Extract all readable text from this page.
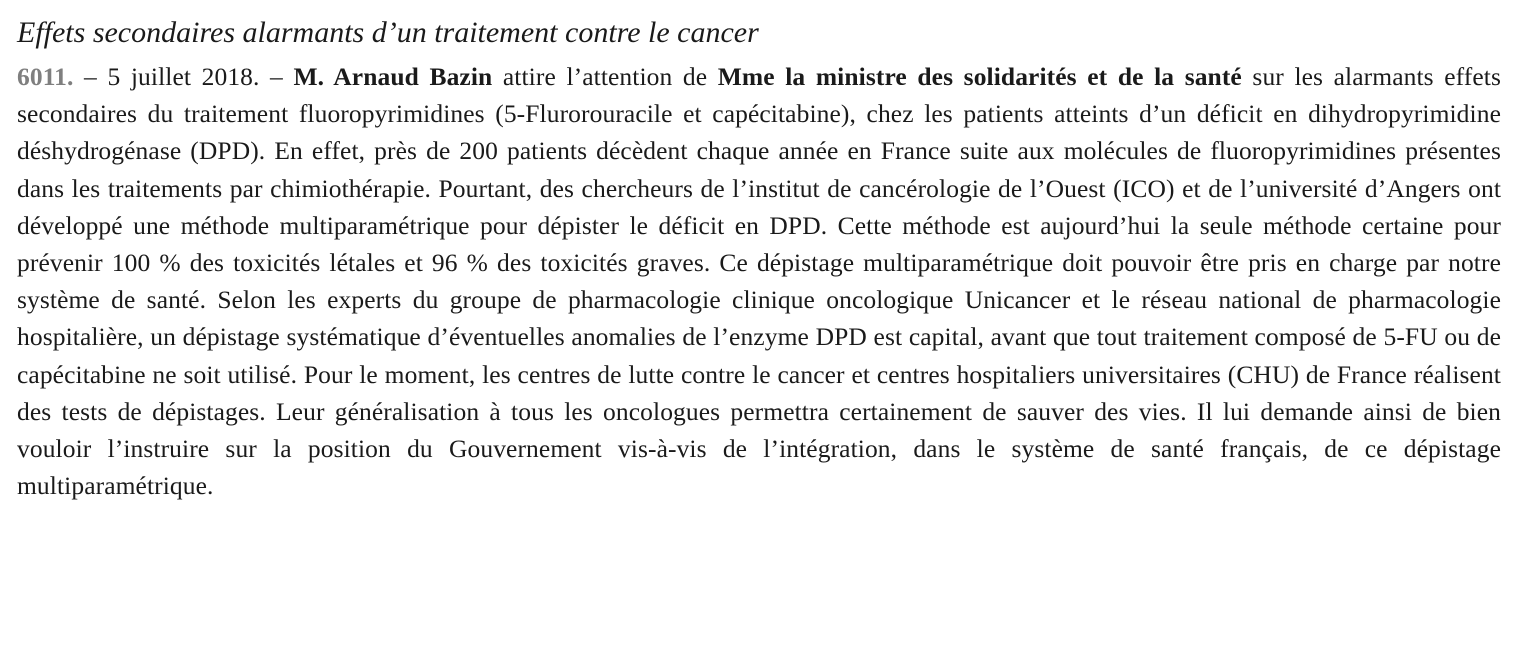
Effets secondaires alarmants d’un traitement contre le cancer

6011. – 5 juillet 2018. – M. Arnaud Bazin attire l’attention de Mme la ministre des solidarités et de la santé sur les alarmants effets secondaires du traitement fluoropyrimidines (5-Flurorouracile et capécitabine), chez les patients atteints d’un déficit en dihydropyrimidine déshydrogénase (DPD). En effet, près de 200 patients décèdent chaque année en France suite aux molécules de fluoropyrimidines présentes dans les traitements par chimiothérapie. Pourtant, des chercheurs de l’institut de cancérologie de l’Ouest (ICO) et de l’université d’Angers ont développé une méthode multiparamétrique pour dépister le déficit en DPD. Cette méthode est aujourd’hui la seule méthode certaine pour prévenir 100 % des toxicités létales et 96 % des toxicités graves. Ce dépistage multiparamétrique doit pouvoir être pris en charge par notre système de santé. Selon les experts du groupe de pharmacologie clinique oncologique Unicancer et le réseau national de pharmacologie hospitalière, un dépistage systématique d’éventuelles anomalies de l’enzyme DPD est capital, avant que tout traitement composé de 5-FU ou de capécitabine ne soit utilisé. Pour le moment, les centres de lutte contre le cancer et centres hospitaliers universitaires (CHU) de France réalisent des tests de dépistages. Leur généralisation à tous les oncologues permettra certainement de sauver des vies. Il lui demande ainsi de bien vouloir l’instruire sur la position du Gouvernement vis-à-vis de l’intégration, dans le système de santé français, de ce dépistage multiparamétrique.
